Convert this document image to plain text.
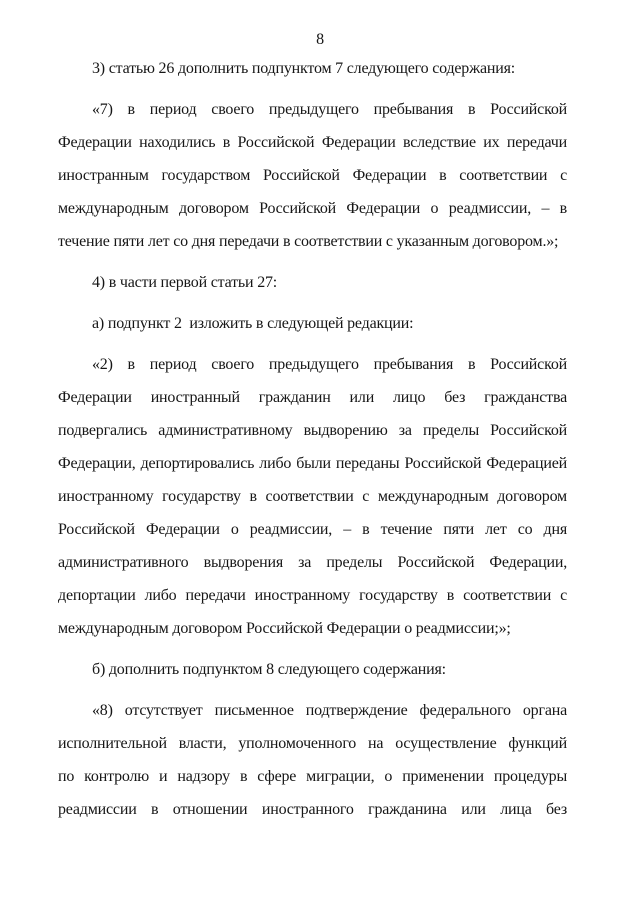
8
3) статью 26 дополнить подпунктом 7 следующего содержания:
«7) в период своего предыдущего пребывания в Российской
Федерации находились в Российской Федерации вследствие их передачи
иностранным государством Российской Федерации в соответствии с
международным договором Российской Федерации о реадмиссии, – в
течение пяти лет со дня передачи в соответствии с указанным договором.»;
4) в части первой статьи 27:
а) подпункт 2  изложить в следующей редакции:
«2) в период своего предыдущего пребывания в Российской
Федерации иностранный гражданин или лицо без гражданства
подвергались административному выдворению за пределы Российской
Федерации, депортировались либо были переданы Российской Федерацией
иностранному государству в соответствии с международным договором
Российской Федерации о реадмиссии, – в течение пяти лет со дня
административного выдворения за пределы Российской Федерации,
депортации либо передачи иностранному государству в соответствии с
международным договором Российской Федерации о реадмиссии;»;
б) дополнить подпунктом 8 следующего содержания:
«8) отсутствует письменное подтверждение федерального органа
исполнительной власти, уполномоченного на осуществление функций
по контролю и надзору в сфере миграции, о применении процедуры
реадмиссии в отношении иностранного гражданина или лица без
